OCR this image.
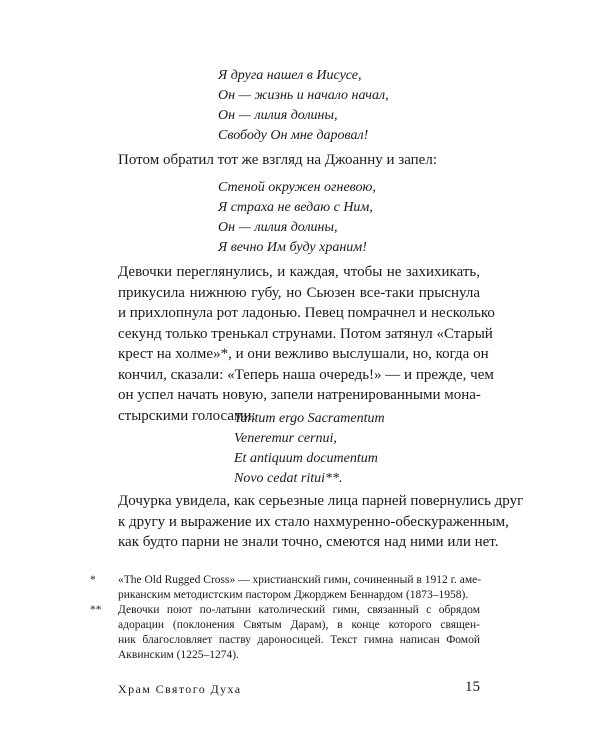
Я друга нашел в Иисусе,
Он — жизнь и начало начал,
Он — лилия долины,
Свободу Он мне даровал!
Потом обратил тот же взгляд на Джоанну и запел:
Стеной окружен огневою,
Я страха не ведаю с Ним,
Он — лилия долины,
Я вечно Им буду храним!
Девочки переглянулись, и каждая, чтобы не захихикать,
прикусила нижнюю губу, но Сьюзен все-таки прыснула
и прихлопнула рот ладонью. Певец помрачнел и несколько
секунд только тренькал струнами. Потом затянул «Старый
крест на холме»*, и они вежливо выслушали, но, когда он
кончил, сказали: «Теперь наша очередь!» — и прежде, чем
он успел начать новую, запели натренированными мона-
стырскими голосами:
Tantum ergo Sacramentum
Veneremur cernui,
Et antiquum documentum
Novo cedat ritui**.
Дочурка увидела, как серьезные лица парней повернулись друг
к другу и выражение их стало нахмуренно-обескураженным,
как будто парни не знали точно, смеются над ними или нет.
* «The Old Rugged Cross» — христианский гимн, сочиненный в 1912 г. аме-
риканским методистским пастором Джорджем Беннардом (1873–1958).
** Девочки поют по-латыни католический гимн, связанный с обрядом
адорации (поклонения Святым Дарам), в конце которого священ-
ник благословляет паству дароносицей. Текст гимна написан Фомой
Аквинским (1225–1274).
Храм Святого Духа	15
